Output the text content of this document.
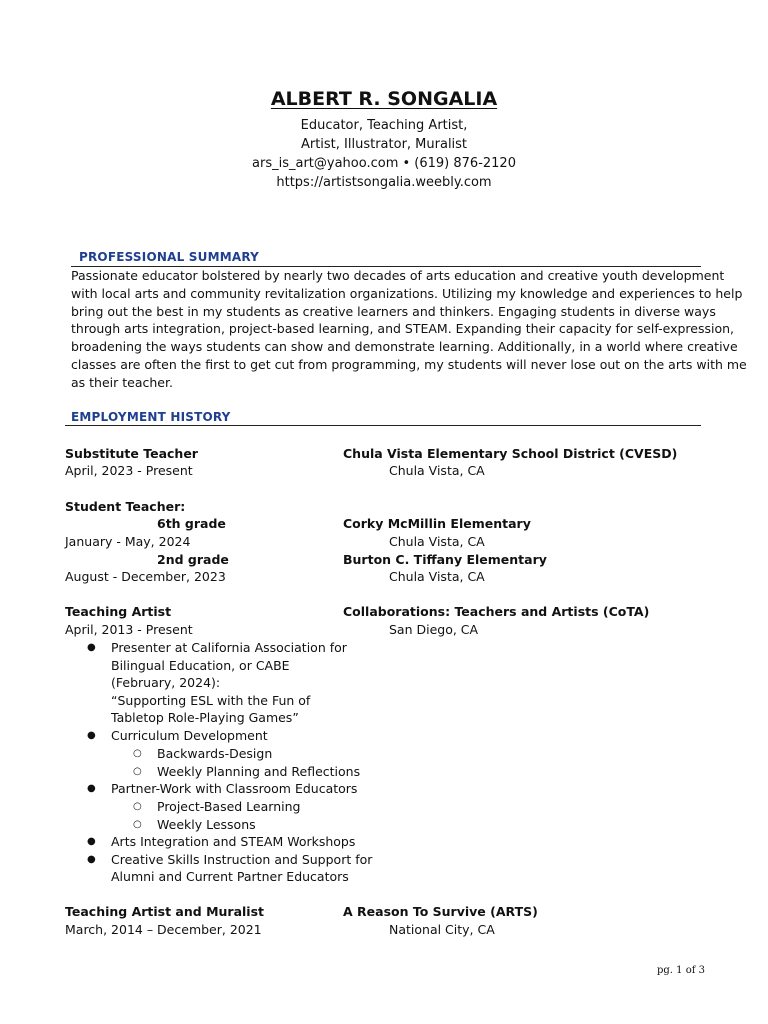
ALBERT R. SONGALIA
Educator, Teaching Artist,
Artist, Illustrator, Muralist
ars_is_art@yahoo.com • (619) 876-2120
https://artistsongalia.weebly.com
PROFESSIONAL SUMMARY
Passionate educator bolstered by nearly two decades of arts education and creative youth development
with local arts and community revitalization organizations. Utilizing my knowledge and experiences to help
bring out the best in my students as creative learners and thinkers. Engaging students in diverse ways
through arts integration, project-based learning, and STEAM. Expanding their capacity for self-expression,
broadening the ways students can show and demonstrate learning. Additionally, in a world where creative
classes are often the first to get cut from programming, my students will never lose out on the arts with me
as their teacher.
EMPLOYMENT HISTORY
Substitute Teacher
April, 2023 - Present
Chula Vista Elementary School District (CVESD)
Chula Vista, CA
Student Teacher:
6th grade
January - May, 2024
Corky McMillin Elementary
Chula Vista, CA
2nd grade
August - December, 2023
Burton C. Tiffany Elementary
Chula Vista, CA
Teaching Artist
April, 2013 - Present
Collaborations: Teachers and Artists (CoTA)
San Diego, CA
● Presenter at California Association for
Bilingual Education, or CABE
(February, 2024):
“Supporting ESL with the Fun of
Tabletop Role-Playing Games”
● Curriculum Development
○ Backwards-Design
○ Weekly Planning and Reflections
● Partner-Work with Classroom Educators
○ Project-Based Learning
○ Weekly Lessons
● Arts Integration and STEAM Workshops
● Creative Skills Instruction and Support for
Alumni and Current Partner Educators
Teaching Artist and Muralist
March, 2014 – December, 2021
A Reason To Survive (ARTS)
National City, CA
pg. 1 of 3
